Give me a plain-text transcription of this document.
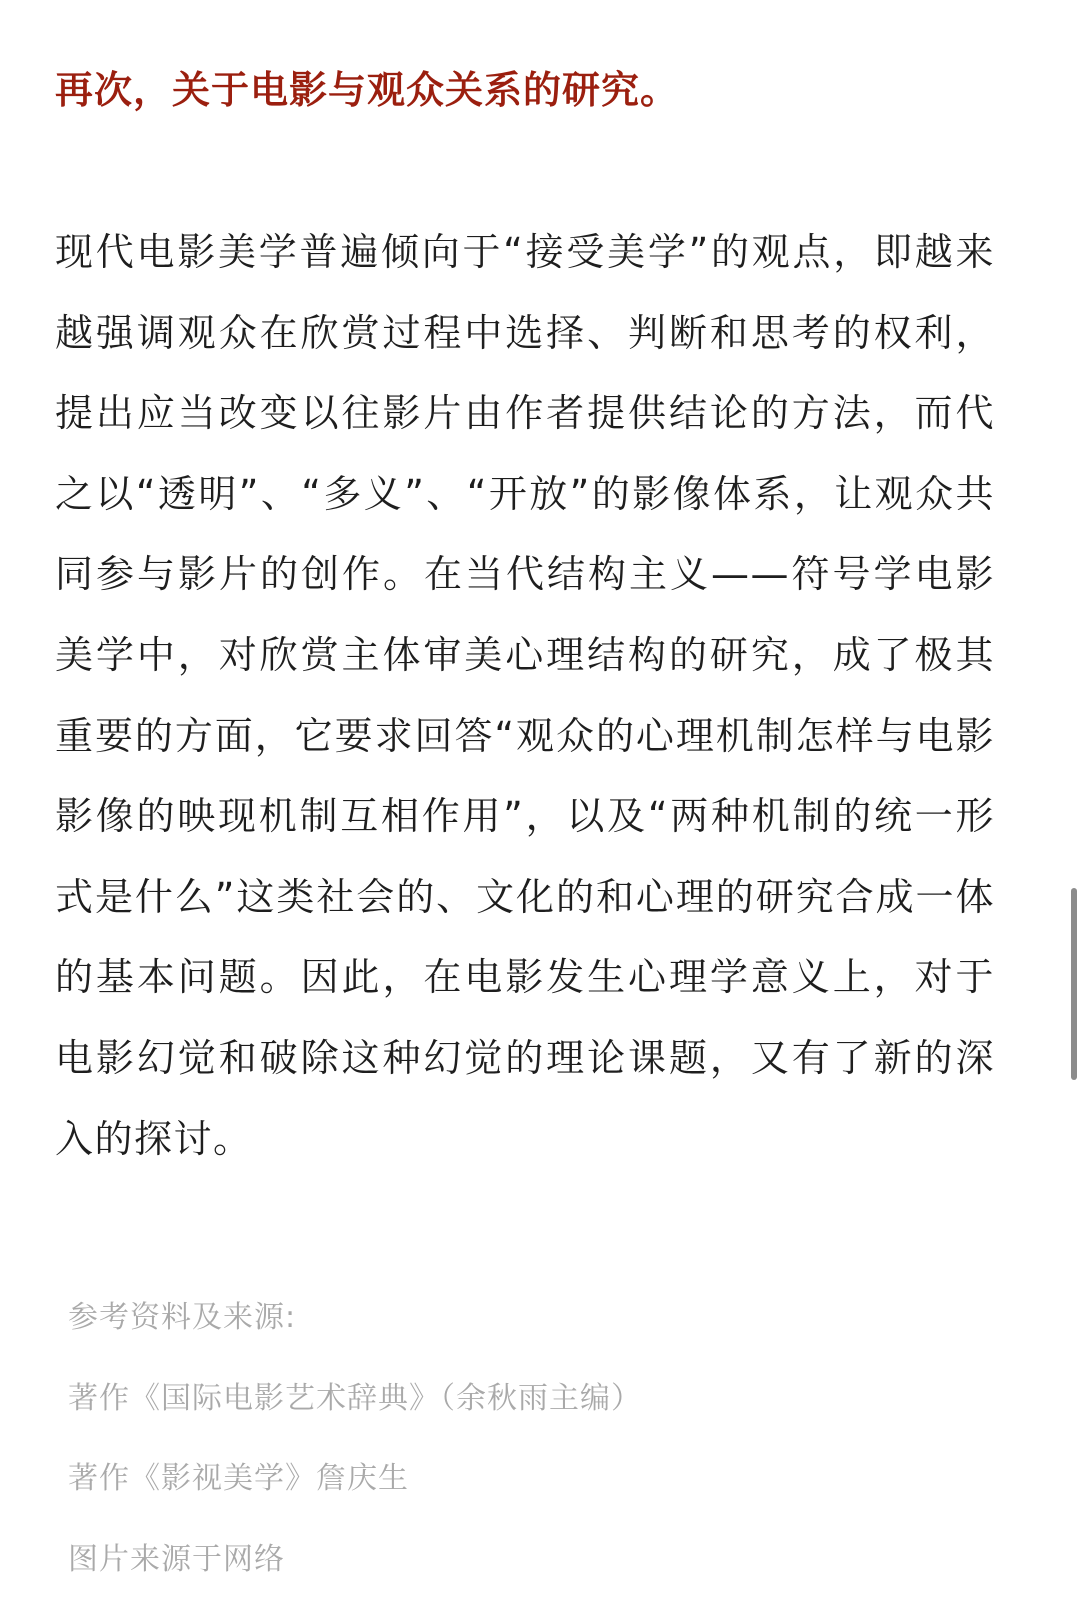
再次，关于电影与观众关系的研究。

现代电影美学普遍倾向于“接受美学”的观点，即越来越强调观众在欣赏过程中选择、判断和思考的权利，提出应当改变以往影片由作者提供结论的方法，而代之以“透明”、“多义”、“开放”的影像体系，让观众共同参与影片的创作。在当代结构主义——符号学电影美学中，对欣赏主体审美心理结构的研究，成了极其重要的方面，它要求回答“观众的心理机制怎样与电影影像的映现机制互相作用”，以及“两种机制的统一形式是什么”这类社会的、文化的和心理的研究合成一体的基本问题。因此，在电影发生心理学意义上，对于电影幻觉和破除这种幻觉的理论课题，又有了新的深入的探讨。

参考资料及来源:
著作《国际电影艺术辞典》（余秋雨主编）
著作《影视美学》詹庆生
图片来源于网络
